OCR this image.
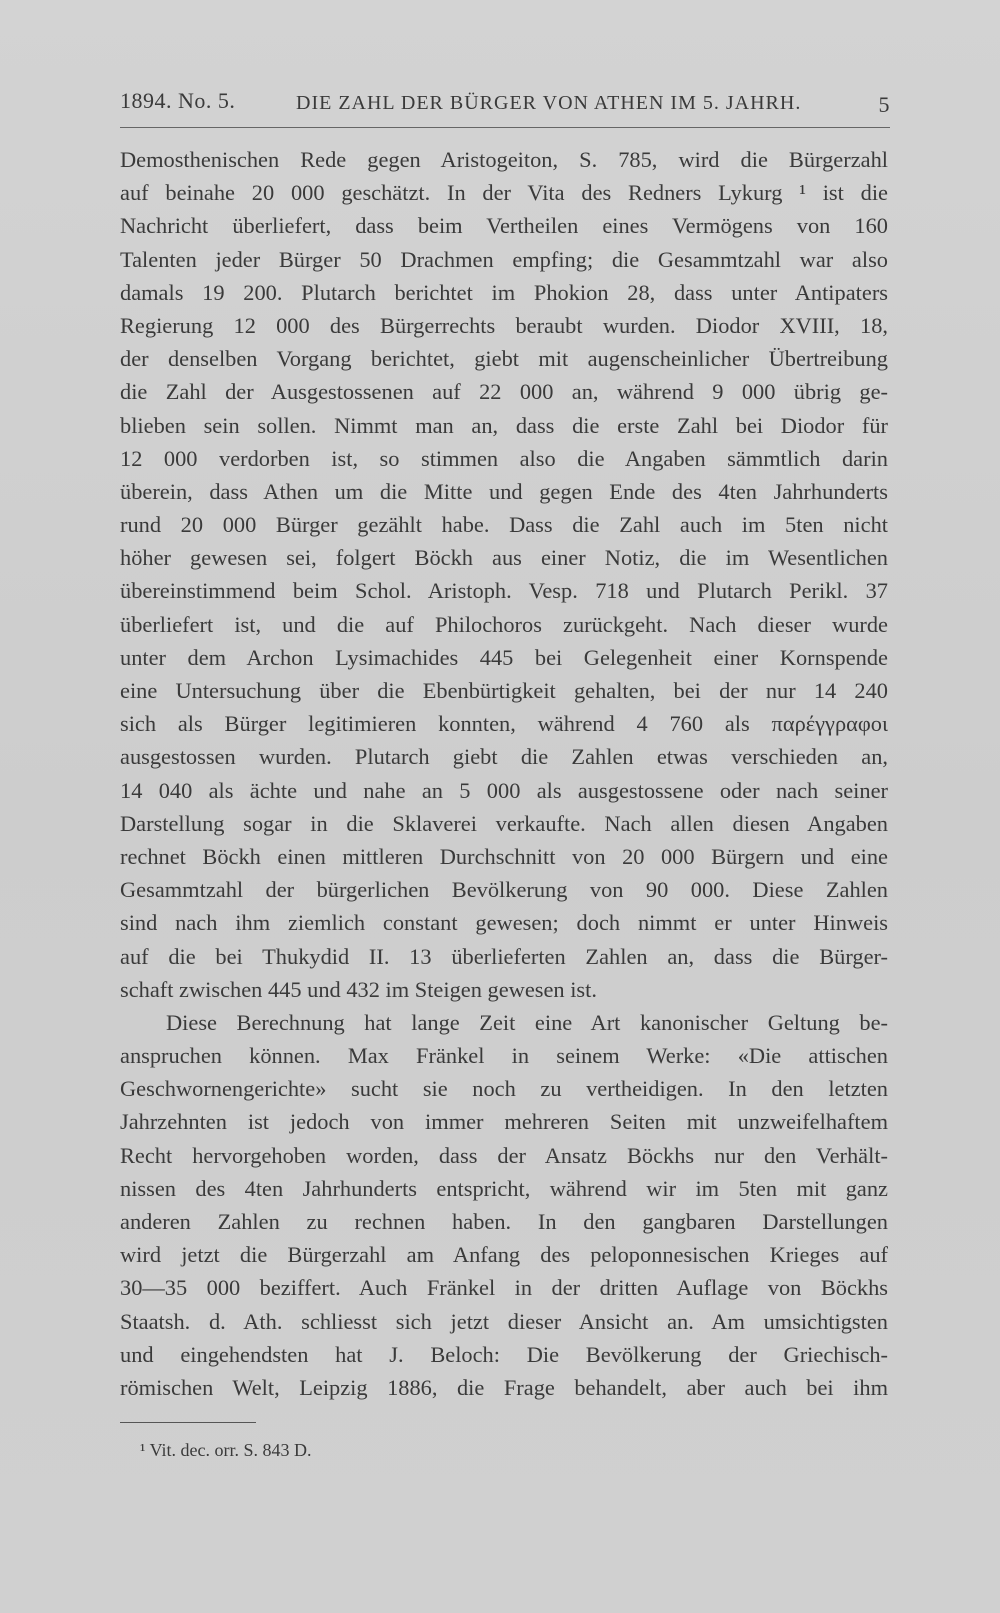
1894. No. 5.	DIE ZAHL DER BÜRGER VON ATHEN IM 5. JAHRH.	5
Demosthenischen Rede gegen Aristogeiton, S. 785, wird die Bürgerzahl
auf beinahe 20 000 geschätzt. In der Vita des Redners Lykurg ¹ ist die
Nachricht überliefert, dass beim Vertheilen eines Vermögens von 160
Talenten jeder Bürger 50 Drachmen empfing; die Gesammtzahl war also
damals 19 200. Plutarch berichtet im Phokion 28, dass unter Antipaters
Regierung 12 000 des Bürgerrechts beraubt wurden. Diodor XVIII, 18,
der denselben Vorgang berichtet, giebt mit augenscheinlicher Übertreibung
die Zahl der Ausgestossenen auf 22 000 an, während 9 000 übrig ge-
blieben sein sollen. Nimmt man an, dass die erste Zahl bei Diodor für
12 000 verdorben ist, so stimmen also die Angaben sämmtlich darin
überein, dass Athen um die Mitte und gegen Ende des 4ten Jahrhunderts
rund 20 000 Bürger gezählt habe. Dass die Zahl auch im 5ten nicht
höher gewesen sei, folgert Böckh aus einer Notiz, die im Wesentlichen
übereinstimmend beim Schol. Aristoph. Vesp. 718 und Plutarch Perikl. 37
überliefert ist, und die auf Philochoros zurückgeht. Nach dieser wurde
unter dem Archon Lysimachides 445 bei Gelegenheit einer Kornspende
eine Untersuchung über die Ebenbürtigkeit gehalten, bei der nur 14 240
sich als Bürger legitimieren konnten, während 4 760 als παρέγγραφοι
ausgestossen wurden. Plutarch giebt die Zahlen etwas verschieden an,
14 040 als ächte und nahe an 5 000 als ausgestossene oder nach seiner
Darstellung sogar in die Sklaverei verkaufte. Nach allen diesen Angaben
rechnet Böckh einen mittleren Durchschnitt von 20 000 Bürgern und eine
Gesammtzahl der bürgerlichen Bevölkerung von 90 000. Diese Zahlen
sind nach ihm ziemlich constant gewesen; doch nimmt er unter Hinweis
auf die bei Thukydid II. 13 überlieferten Zahlen an, dass die Bürger-
schaft zwischen 445 und 432 im Steigen gewesen ist.
Diese Berechnung hat lange Zeit eine Art kanonischer Geltung be-
anspruchen können. Max Fränkel in seinem Werke: «Die attischen
Geschwornengerichte» sucht sie noch zu vertheidigen. In den letzten
Jahrzehnten ist jedoch von immer mehreren Seiten mit unzweifelhaftem
Recht hervorgehoben worden, dass der Ansatz Böckhs nur den Verhält-
nissen des 4ten Jahrhunderts entspricht, während wir im 5ten mit ganz
anderen Zahlen zu rechnen haben. In den gangbaren Darstellungen
wird jetzt die Bürgerzahl am Anfang des peloponnesischen Krieges auf
30—35 000 beziffert. Auch Fränkel in der dritten Auflage von Böckhs
Staatsh. d. Ath. schliesst sich jetzt dieser Ansicht an. Am umsichtigsten
und eingehendsten hat J. Beloch: Die Bevölkerung der Griechisch-
römischen Welt, Leipzig 1886, die Frage behandelt, aber auch bei ihm
¹ Vit. dec. orr. S. 843 D.
